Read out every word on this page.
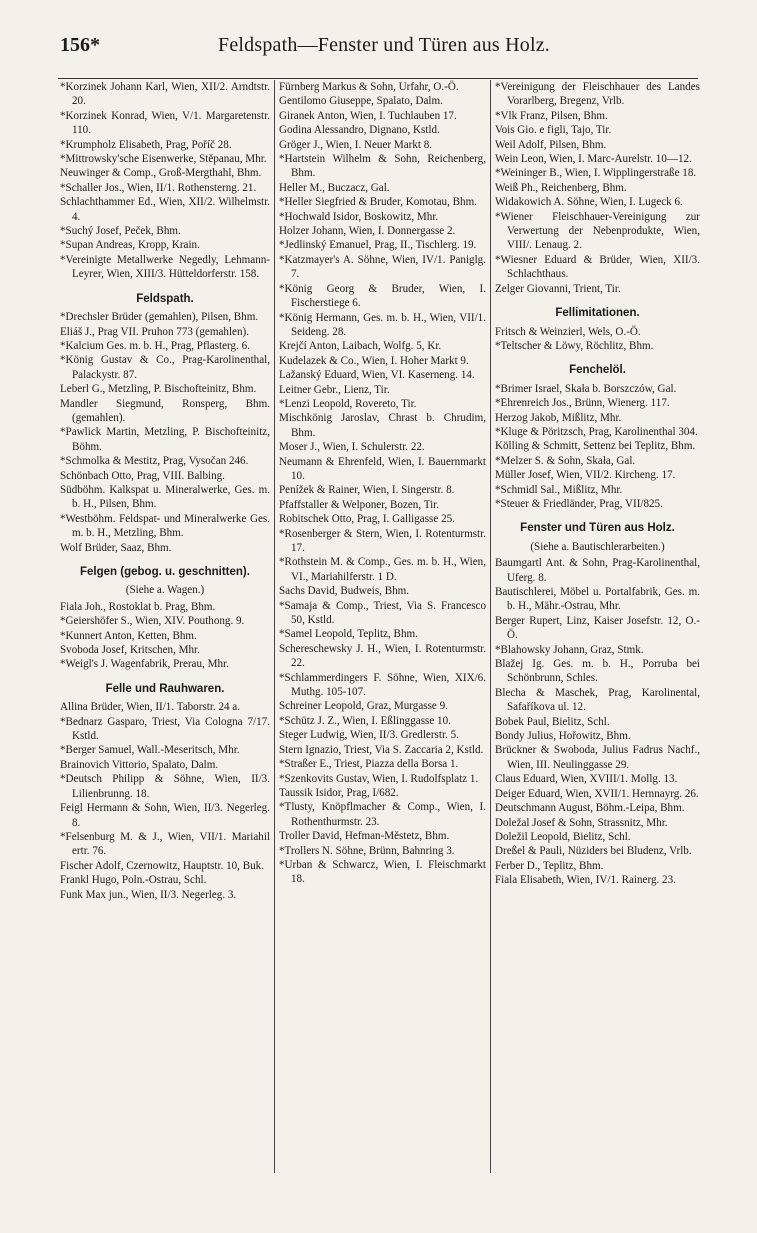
156*	Feldspath—Fenster und Türen aus Holz.
*Korzinek Johann Karl, Wien, XII/2. Arndtstr. 20.
*Korzinek Konrad, Wien, V/1. Margaretenstr. 110.
*Krumpholz Elisabeth, Prag, Poříč 28.
*Mittrowsky'sche Eisenwerke, Stěpanau, Mhr.
Neuwinger & Comp., Groß-Mergthahl, Bhm.
*Schaller Jos., Wien, II/1. Rothensterng. 21.
Schlachthammer Ed., Wien, XII/2. Wilhelmstr. 4.
*Suchý Josef, Peček, Bhm.
*Supan Andreas, Kropp, Krain.
*Vereinigte Metallwerke Negedly, Lehmann-Leyrer, Wien, XIII/3. Hütteldorferstr. 158.
Feldspath.
*Drechsler Brüder (gemahlen), Pilsen, Bhm.
Eliáš J., Prag VII. Pruhon 773 (gemahlen).
*Kalcium Ges. m. b. H., Prag, Pflasterg. 6.
*König Gustav & Co., Prag-Karolinenthal, Palackystr. 87.
Leberl G., Metzling, P. Bischofteinitz, Bhm.
Mandler Siegmund, Ronsperg, Bhm. (gemahlen).
*Pawlick Martin, Metzling, P. Bischofteinitz, Böhm.
*Schmolka & Mestitz, Prag, Vysočan 246.
Schönbach Otto, Prag, VIII. Balbing.
Südböhm. Kalkspat u. Mineralwerke, Ges. m. b. H., Pilsen, Bhm.
*Westböhm. Feldspat- und Mineralwerke Ges. m. b. H., Metzling, Bhm.
Wolf Brüder, Saaz, Bhm.
Felgen (gebog. u. geschnitten).
(Siehe a. Wagen.)
Fiala Joh., Rostoklat b. Prag, Bhm.
*Geiershöfer S., Wien, XIV. Pouthong. 9.
*Kunnert Anton, Ketten, Bhm.
Svoboda Josef, Kritschen, Mhr.
*Weigl's J. Wagenfabrik, Prerau, Mhr.
Felle und Rauhwaren.
Allina Brüder, Wien, II/1. Taborstr. 24 a.
*Bednarz Gasparo, Triest, Via Cologna 7/17. Kstld.
*Berger Samuel, Wall.-Meseritsch, Mhr.
Brainovich Vittorio, Spalato, Dalm.
*Deutsch Philipp & Söhne, Wien, II/3. Lilienbrunng. 18.
Feigl Hermann & Sohn, Wien, II/3. Negerleg. 8.
*Felsenburg M. & J., Wien, VII/1. Mariahil ertr. 76.
Fischer Adolf, Czernowitz, Hauptstr. 10, Buk.
Frankl Hugo, Poln.-Ostrau, Schl.
Funk Max jun., Wien, II/3. Negerleg. 3.
Fürnberg Markus & Sohn, Urfahr, O.-Ö.
Gentilomo Giuseppe, Spalato, Dalm.
Giranek Anton, Wien, I. Tuchlauben 17.
Godina Alessandro, Dignano, Kstld.
Gröger J., Wien, I. Neuer Markt 8.
*Hartstein Wilhelm & Sohn, Reichenberg, Bhm.
Heller M., Buczacz, Gal.
*Heller Siegfried & Bruder, Komotau, Bhm.
*Hochwald Isidor, Boskowitz, Mhr.
Holzer Johann, Wien, I. Donnergasse 2.
*Jedlinský Emanuel, Prag, II., Tischlerg. 19.
*Katzmayer's A. Söhne, Wien, IV/1. Paniglg. 7.
*König Georg & Bruder, Wien, I. Fischerstiege 6.
*König Hermann, Ges. m. b. H., Wien, VII/1. Seideng. 28.
Krejčí Anton, Laibach, Wolfg. 5, Kr.
Kudelazek & Co., Wien, I. Hoher Markt 9.
Lažanský Eduard, Wien, VI. Kaserneng. 14.
Leitner Gebr., Lienz, Tir.
*Lenzi Leopold, Rovereto, Tir.
Mischkönig Jaroslav, Chrast b. Chrudim, Bhm.
Moser J., Wien, I. Schulerstr. 22.
Neumann & Ehrenfeld, Wien, I. Bauernmarkt 10.
Penížek & Rainer, Wien, I. Singerstr. 8.
Pfaffstaller & Welponer, Bozen, Tir.
Robitschek Otto, Prag, I. Galligasse 25.
*Rosenberger & Stern, Wien, I. Rotenturmstr. 17.
*Rothstein M. & Comp., Ges. m. b. H., Wien, VI., Mariahilferstr. 1 D.
Sachs David, Budweis, Bhm.
*Samaja & Comp., Triest, Via S. Francesco 50, Kstld.
*Samel Leopold, Teplitz, Bhm.
Schereschewsky J. H., Wien, I. Rotenturmstr. 22.
*Schlammerdingers F. Söhne, Wien, XIX/6. Muthg. 105-107.
Schreiner Leopold, Graz, Murgasse 9.
*Schütz J. Z., Wien, I. Eßlinggasse 10.
Steger Ludwig, Wien, II/3. Gredlerstr. 5.
Stern Ignazio, Triest, Via S. Zaccaria 2, Kstld.
*Straßer E., Triest, Piazza della Borsa 1.
*Szenkovits Gustav, Wien, I. Rudolfsplatz 1.
Taussik Isidor, Prag, I/682.
*Tlusty, Knöpflmacher & Comp., Wien, I. Rothenthurmstr. 23.
Troller David, Hefman-Městetz, Bhm.
*Trollers N. Söhne, Brünn, Bahnring 3.
*Urban & Schwarcz, Wien, I. Fleischmarkt 18.
*Vereinigung der Fleischhauer des Landes Vorarlberg, Bregenz, Vrlb.
*Vlk Franz, Pilsen, Bhm.
Vois Gio. e figli, Tajo, Tir.
Weil Adolf, Pilsen, Bhm.
Wein Leon, Wien, I. Marc-Aurelstr. 10—12.
*Weininger B., Wien, I. Wipplingerstraße 18.
Weiß Ph., Reichenberg, Bhm.
Widakowich A. Söhne, Wien, I. Lugeck 6.
*Wiener Fleischhauer-Vereinigung zur Verwertung der Nebenprodukte, Wien, VIII/. Lenaug. 2.
*Wiesner Eduard & Brüder, Wien, XII/3. Schlachthaus.
Zelger Giovanni, Trient, Tir.
Fellimitationen.
Fritsch & Weinzierl, Wels, O.-Ö.
*Teltscher & Löwy, Röchlitz, Bhm.
Fenchelöl.
*Brimer Israel, Skała b. Borszczów, Gal.
*Ehrenreich Jos., Brünn, Wienerg. 117.
Herzog Jakob, Mißlitz, Mhr.
*Kluge & Pöritzsch, Prag, Karolinenthal 304.
Kölling & Schmitt, Settenz bei Teplitz, Bhm.
*Melzer S. & Sohn, Skała, Gal.
Müller Josef, Wien, VII/2. Kircheng. 17.
*Schmidl Sal., Mißlitz, Mhr.
*Steuer & Friedländer, Prag, VII/825.
Fenster und Türen aus Holz.
(Siehe a. Bautischlerarbeiten.)
Baumgartl Ant. & Sohn, Prag-Karolinenthal, Uferg. 8.
Bautischlerei, Möbel u. Portalfabrik, Ges. m. b. H., Mähr.-Ostrau, Mhr.
Berger Rupert, Linz, Kaiser Josefstr. 12, O.-Ö.
*Blahowsky Johann, Graz, Stmk.
Blažej Ig. Ges. m. b. H., Porruba bei Schönbrunn, Schles.
Blecha & Maschek, Prag, Karolinental, Safaříkova ul. 12.
Bobek Paul, Bielitz, Schl.
Bondy Julius, Hořowitz, Bhm.
Brückner & Swoboda, Julius Fadrus Nachf., Wien, III. Neulinggasse 29.
Claus Eduard, Wien, XVIII/1. Mollg. 13.
Deiger Eduard, Wien, XVII/1. Hernnayrg. 26.
Deutschmann August, Böhm.-Leipa, Bhm.
Doležal Josef & Sohn, Strassnitz, Mhr.
Doležil Leopold, Bielitz, Schl.
Dreßel & Pauli, Nüziders bei Bludenz, Vrlb.
Ferber D., Teplitz, Bhm.
Fiala Elisabeth, Wien, IV/1. Rainerg. 23.
